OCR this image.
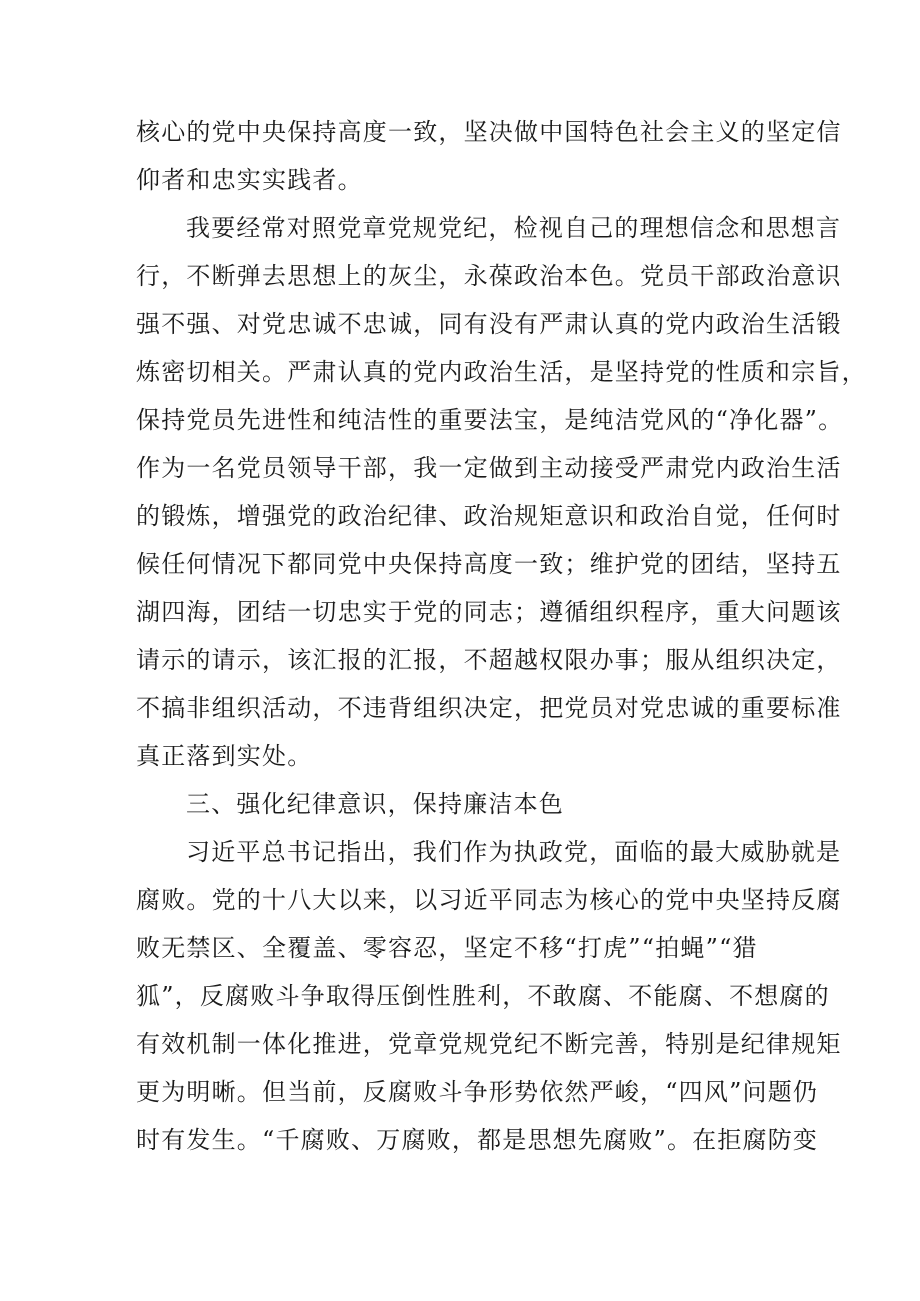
核心的党中央保持高度一致，坚决做中国特色社会主义的坚定信

仰者和忠实实践者。

我要经常对照党章党规党纪，检视自己的理想信念和思想言

行，不断弹去思想上的灰尘，永葆政治本色。党员干部政治意识

强不强、对党忠诚不忠诚，同有没有严肃认真的党内政治生活锻

炼密切相关。严肃认真的党内政治生活，是坚持党的性质和宗旨，

保持党员先进性和纯洁性的重要法宝，是纯洁党风的“净化器”。

作为一名党员领导干部，我一定做到主动接受严肃党内政治生活

的锻炼，增强党的政治纪律、政治规矩意识和政治自觉，任何时

候任何情况下都同党中央保持高度一致；维护党的团结，坚持五

湖四海，团结一切忠实于党的同志；遵循组织程序，重大问题该

请示的请示，该汇报的汇报，不超越权限办事；服从组织决定，

不搞非组织活动，不违背组织决定，把党员对党忠诚的重要标准

真正落到实处。

三、强化纪律意识，保持廉洁本色

习近平总书记指出，我们作为执政党，面临的最大威胁就是

腐败。党的十八大以来，以习近平同志为核心的党中央坚持反腐

败无禁区、全覆盖、零容忍，坚定不移“打虎”“拍蝇”“猎

狐”，反腐败斗争取得压倒性胜利，不敢腐、不能腐、不想腐的

有效机制一体化推进，党章党规党纪不断完善，特别是纪律规矩

更为明晰。但当前，反腐败斗争形势依然严峻，“四风”问题仍

时有发生。“千腐败、万腐败，都是思想先腐败”。在拒腐防变
